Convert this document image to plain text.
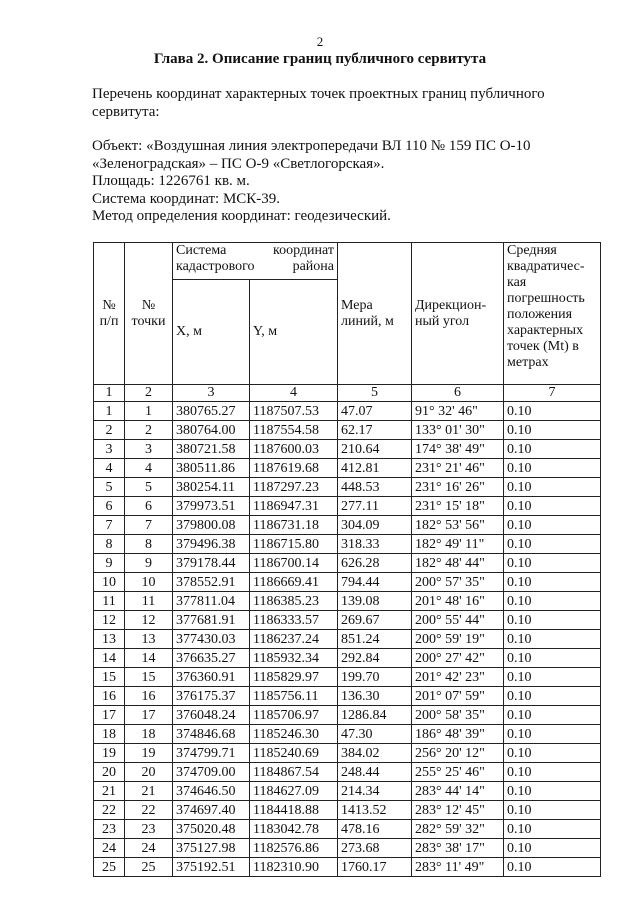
2
Глава 2. Описание границ публичного сервитута
Перечень координат характерных точек проектных границ публичного сервитута:
Объект: «Воздушная линия электропередачи ВЛ 110 № 159 ПС О-10
«Зеленоградская» – ПС О-9 «Светлогорская».
Площадь: 1226761 кв. м.
Система координат: МСК-39.
Метод определения координат: геодезический.
№ п/п	№ точки	Система координат кадастрового района		Мера линий, м	Дирекцион-ный угол	Средняя квадратичес-кая погрешность положения характерных точек (Mt) в метрах
		X, м	Y, м			
1	2	3	4	5	6	7
1	1	380765.27	1187507.53	47.07	91° 32' 46"	0.10
2	2	380764.00	1187554.58	62.17	133° 01' 30"	0.10
3	3	380721.58	1187600.03	210.64	174° 38' 49"	0.10
4	4	380511.86	1187619.68	412.81	231° 21' 46"	0.10
5	5	380254.11	1187297.23	448.53	231° 16' 26"	0.10
6	6	379973.51	1186947.31	277.11	231° 15' 18"	0.10
7	7	379800.08	1186731.18	304.09	182° 53' 56"	0.10
8	8	379496.38	1186715.80	318.33	182° 49' 11"	0.10
9	9	379178.44	1186700.14	626.28	182° 48' 44"	0.10
10	10	378552.91	1186669.41	794.44	200° 57' 35"	0.10
11	11	377811.04	1186385.23	139.08	201° 48' 16"	0.10
12	12	377681.91	1186333.57	269.67	200° 55' 44"	0.10
13	13	377430.03	1186237.24	851.24	200° 59' 19"	0.10
14	14	376635.27	1185932.34	292.84	200° 27' 42"	0.10
15	15	376360.91	1185829.97	199.70	201° 42' 23"	0.10
16	16	376175.37	1185756.11	136.30	201° 07' 59"	0.10
17	17	376048.24	1185706.97	1286.84	200° 58' 35"	0.10
18	18	374846.68	1185246.30	47.30	186° 48' 39"	0.10
19	19	374799.71	1185240.69	384.02	256° 20' 12"	0.10
20	20	374709.00	1184867.54	248.44	255° 25' 46"	0.10
21	21	374646.50	1184627.09	214.34	283° 44' 14"	0.10
22	22	374697.40	1184418.88	1413.52	283° 12' 45"	0.10
23	23	375020.48	1183042.78	478.16	282° 59' 32"	0.10
24	24	375127.98	1182576.86	273.68	283° 38' 17"	0.10
25	25	375192.51	1182310.90	1760.17	283° 11' 49"	0.10
